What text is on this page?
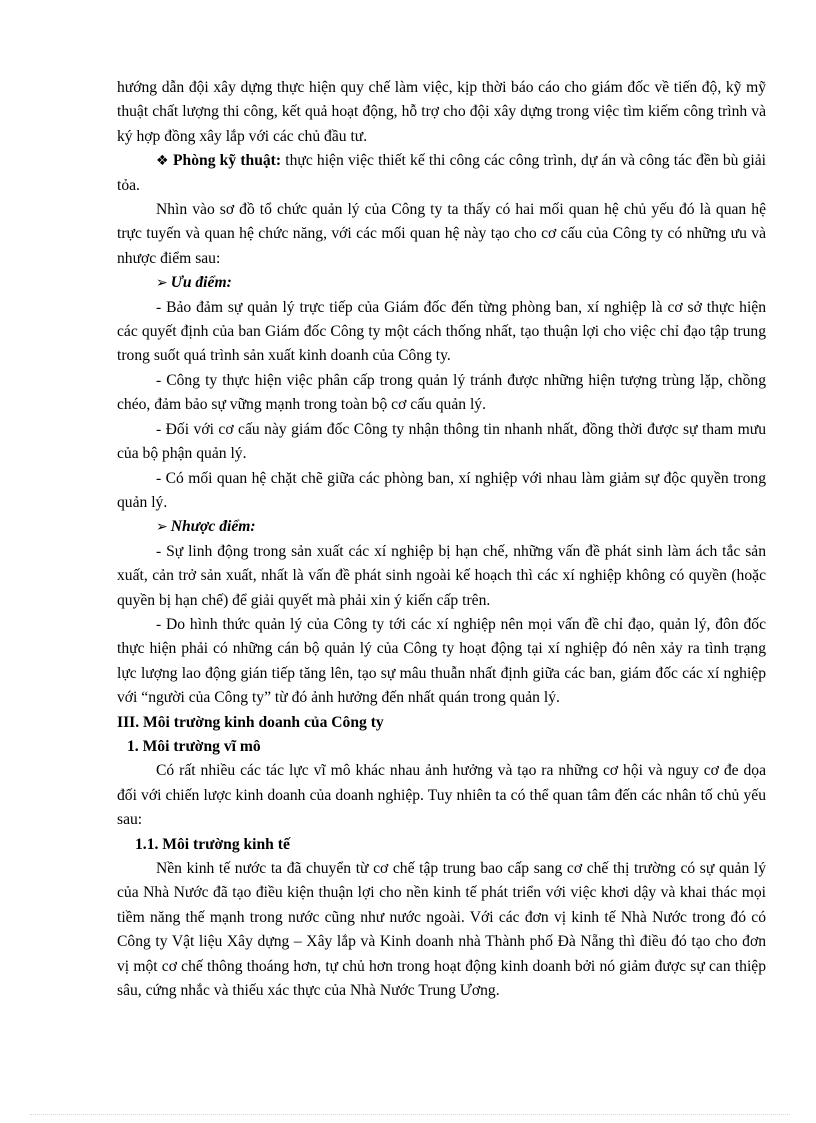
hướng dẫn đội xây dựng thực hiện quy chế làm việc, kịp thời báo cáo cho giám đốc về tiến độ, kỹ mỹ thuật chất lượng thi công, kết quả hoạt động, hỗ trợ cho đội xây dựng trong việc tìm kiếm công trình và ký hợp đồng xây lắp với các chủ đầu tư.

❖ Phòng kỹ thuật: thực hiện việc thiết kế thi công các công trình, dự án và công tác đền bù giải tỏa.

Nhìn vào sơ đồ tổ chức quản lý của Công ty ta thấy có hai mối quan hệ chủ yếu đó là quan hệ trực tuyến và quan hệ chức năng, với các mối quan hệ này tạo cho cơ cấu của Công ty có những ưu và nhược điểm sau:

➢ Ưu điểm:

- Bảo đảm sự quản lý trực tiếp của Giám đốc đến từng phòng ban, xí nghiệp là cơ sở thực hiện các quyết định của ban Giám đốc Công ty một cách thống nhất, tạo thuận lợi cho việc chỉ đạo tập trung trong suốt quá trình sản xuất kinh doanh của Công ty.

- Công ty thực hiện việc phân cấp trong quản lý tránh được những hiện tượng trùng lặp, chồng chéo, đảm bảo sự vững mạnh trong toàn bộ cơ cấu quản lý.

- Đối với cơ cấu này giám đốc Công ty nhận thông tin nhanh nhất, đồng thời được sự tham mưu của bộ phận quản lý.

- Có mối quan hệ chặt chẽ giữa các phòng ban, xí nghiệp với nhau làm giảm sự độc quyền trong quản lý.

➢ Nhược điểm:

- Sự linh động trong sản xuất các xí nghiệp bị hạn chế, những vấn đề phát sinh làm ách tắc sản xuất, cản trở sản xuất, nhất là vấn đề phát sinh ngoài kế hoạch thì các xí nghiệp không có quyền (hoặc quyền bị hạn chế) để giải quyết mà phải xin ý kiến cấp trên.

- Do hình thức quản lý của Công ty tới các xí nghiệp nên mọi vấn đề chỉ đạo, quản lý, đôn đốc thực hiện phải có những cán bộ quản lý của Công ty hoạt động tại xí nghiệp đó nên xảy ra tình trạng lực lượng lao động gián tiếp tăng lên, tạo sự mâu thuẫn nhất định giữa các ban, giám đốc các xí nghiệp với “người của Công ty” từ đó ảnh hưởng đến nhất quán trong quản lý.

III. Môi trường kinh doanh của Công ty

1. Môi trường vĩ mô

Có rất nhiều các tác lực vĩ mô khác nhau ảnh hưởng và tạo ra những cơ hội và nguy cơ đe dọa đối với chiến lược kinh doanh của doanh nghiệp. Tuy nhiên ta có thể quan tâm đến các nhân tố chủ yếu sau:

1.1. Môi trường kinh tế

Nền kinh tế nước ta đã chuyển từ cơ chế tập trung bao cấp sang cơ chế thị trường có sự quản lý của Nhà Nước đã tạo điều kiện thuận lợi cho nền kinh tế phát triển với việc khơi dậy và khai thác mọi tiềm năng thế mạnh trong nước cũng như nước ngoài. Với các đơn vị kinh tế Nhà Nước trong đó có Công ty Vật liệu Xây dựng – Xây lắp và Kinh doanh nhà Thành phố Đà Nẵng thì điều đó tạo cho đơn vị một cơ chế thông thoáng hơn, tự chủ hơn trong hoạt động kinh doanh bởi nó giảm được sự can thiệp sâu, cứng nhắc và thiếu xác thực của Nhà Nước Trung Ương.
